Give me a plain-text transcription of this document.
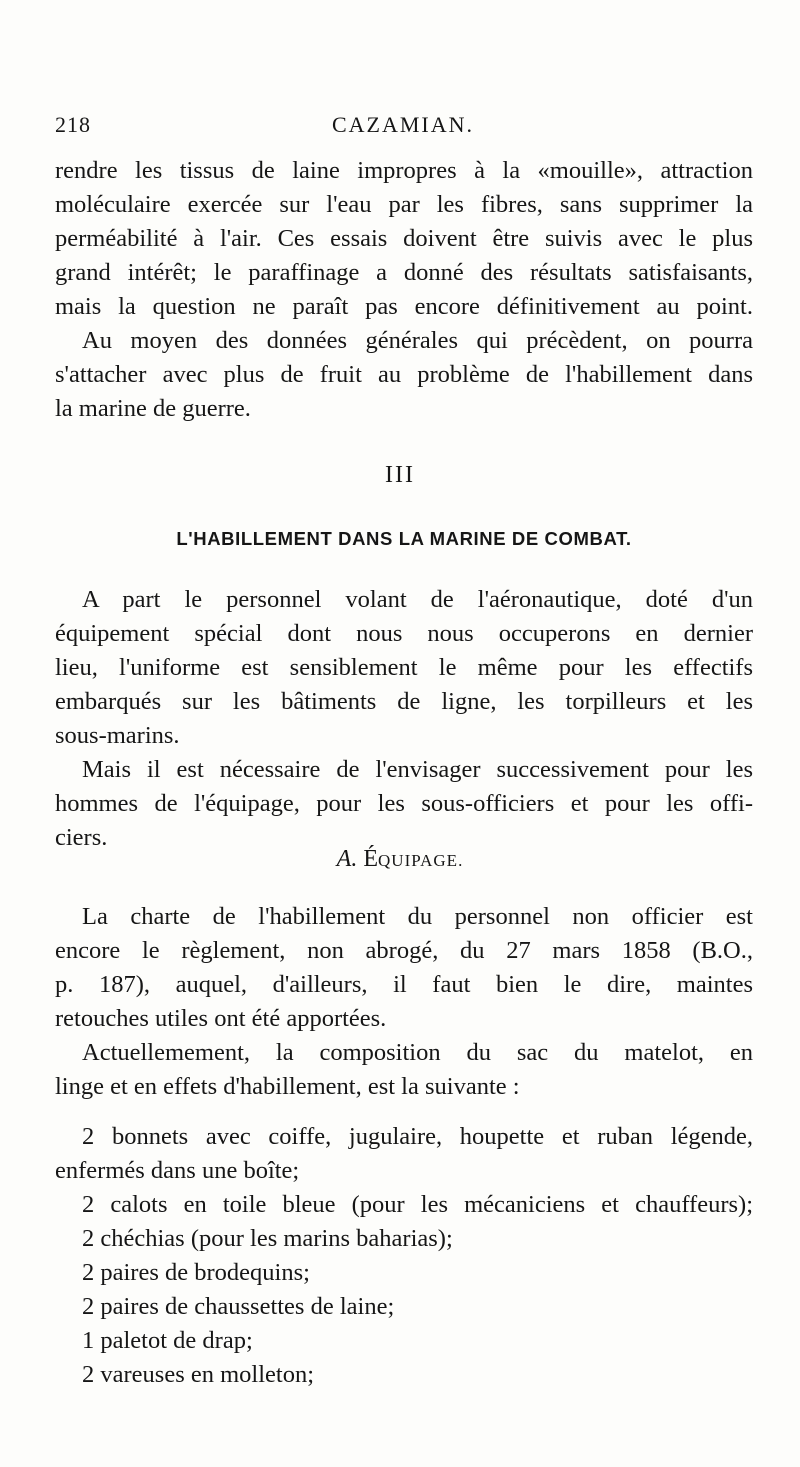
218	CAZAMIAN.
rendre les tissus de laine impropres à la «mouille», attraction
moléculaire exercée sur l'eau par les fibres, sans supprimer la
perméabilité à l'air. Ces essais doivent être suivis avec le plus
grand intérêt; le paraffinage a donné des résultats satisfaisants,
mais la question ne paraît pas encore définitivement au point.
Au moyen des données générales qui précèdent, on pourra
s'attacher avec plus de fruit au problème de l'habillement dans
la marine de guerre.
III
L'HABILLEMENT DANS LA MARINE DE COMBAT.
A part le personnel volant de l'aéronautique, doté d'un
équipement spécial dont nous nous occuperons en dernier
lieu, l'uniforme est sensiblement le même pour les effectifs
embarqués sur les bâtiments de ligne, les torpilleurs et les
sous-marins.
Mais il est nécessaire de l'envisager successivement pour les
hommes de l'équipage, pour les sous-officiers et pour les offi-
ciers.
A. ÉQUIPAGE.
La charte de l'habillement du personnel non officier est
encore le règlement, non abrogé, du 27 mars 1858 (B.O.,
p. 187), auquel, d'ailleurs, il faut bien le dire, maintes
retouches utiles ont été apportées.
Actuellemement, la composition du sac du matelot, en
linge et en effets d'habillement, est la suivante :
2 bonnets avec coiffe, jugulaire, houpette et ruban légende,
enfermés dans une boîte;
2 calots en toile bleue (pour les mécaniciens et chauffeurs);
2 chéchias (pour les marins baharias);
2 paires de brodequins;
2 paires de chaussettes de laine;
1 paletot de drap;
2 vareuses en molleton;
